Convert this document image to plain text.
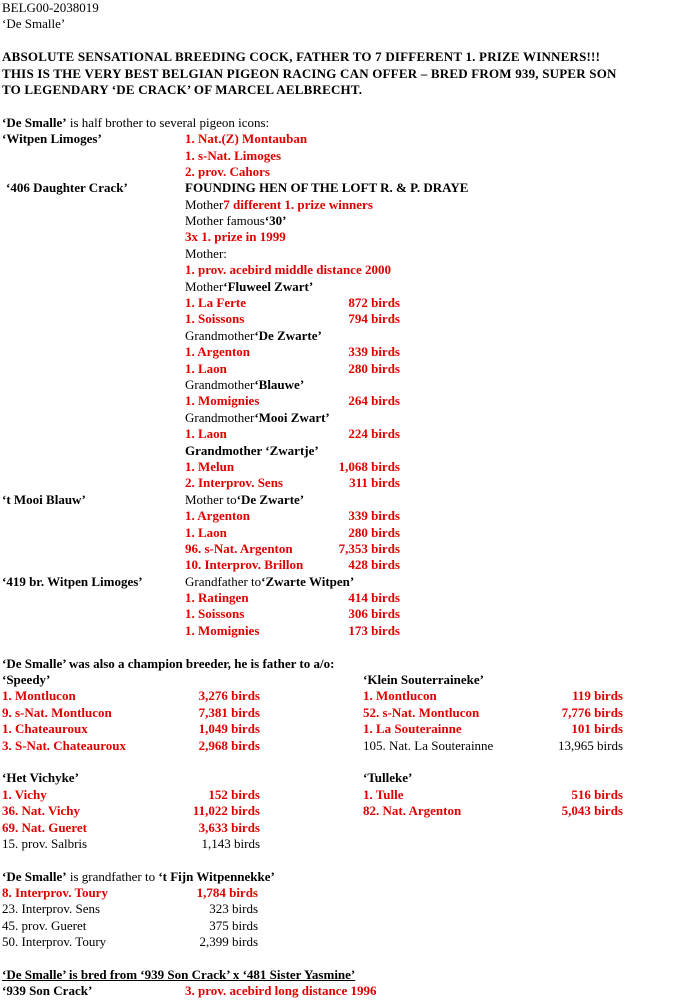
BELG00-2038019
‘De Smalle’
ABSOLUTE SENSATIONAL BREEDING COCK, FATHER TO 7 DIFFERENT 1. PRIZE WINNERS!!!
THIS IS THE VERY BEST BELGIAN PIGEON RACING CAN OFFER – BRED FROM 939, SUPER SON
TO LEGENDARY ‘DE CRACK’ OF MARCEL AELBRECHT.
‘De Smalle’ is half brother to several pigeon icons:
‘Witpen Limoges’	1. Nat.(Z) Montauban
1. s-Nat. Limoges
2. prov. Cahors
‘406 Daughter Crack’	FOUNDING HEN OF THE LOFT R. & P. DRAYE
Mother 7 different 1. prize winners
Mother famous ‘30’
3x 1. prize in 1999
Mother:
1. prov. acebird middle distance 2000
Mother ‘Fluweel Zwart’
1. La Ferte	872 birds
1. Soissons	794 birds
Grandmother ‘De Zwarte’
1. Argenton	339 birds
1. Laon	280 birds
Grandmother ‘Blauwe’
1. Momignies	264 birds
Grandmother ‘Mooi Zwart’
1. Laon	224 birds
Grandmother ‘Zwartje’
1. Melun	1,068 birds
2. Interprov. Sens	311 birds
‘t Mooi Blauw’	Mother to ‘De Zwarte’
1. Argenton	339 birds
1. Laon	280 birds
96. s-Nat. Argenton	7,353 birds
10. Interprov. Brillon	428 birds
‘419 br. Witpen Limoges’	Grandfather to ‘Zwarte Witpen’
1. Ratingen	414 birds
1. Soissons	306 birds
1. Momignies	173 birds
‘De Smalle’ was also a champion breeder, he is father to a/o:
‘Speedy’
1. Montlucon	3,276 birds
9. s-Nat. Montlucon	7,381 birds
1. Chateauroux	1,049 birds
3. S-Nat. Chateauroux	2,968 birds
‘Klein Souterraineke’
1. Montlucon	119 birds
52. s-Nat. Montlucon	7,776 birds
1. La Souterainne	101 birds
105. Nat. La Souterainne	13,965 birds
‘Het Vichyke’
1. Vichy	152 birds
36. Nat. Vichy	11,022 birds
69. Nat. Gueret	3,633 birds
15. prov. Salbris	1,143 birds
‘Tulleke’
1. Tulle	516 birds
82. Nat. Argenton	5,043 birds
‘De Smalle’ is grandfather to ‘t Fijn Witpennekke’
8. Interprov. Toury	1,784 birds
23. Interprov. Sens	323 birds
45. prov. Gueret	375 birds
50. Interprov. Toury	2,399 birds
‘De Smalle’ is bred from ‘939 Son Crack’ x ‘481 Sister Yasmine’
‘939 Son Crack’	3. prov. acebird long distance 1996
